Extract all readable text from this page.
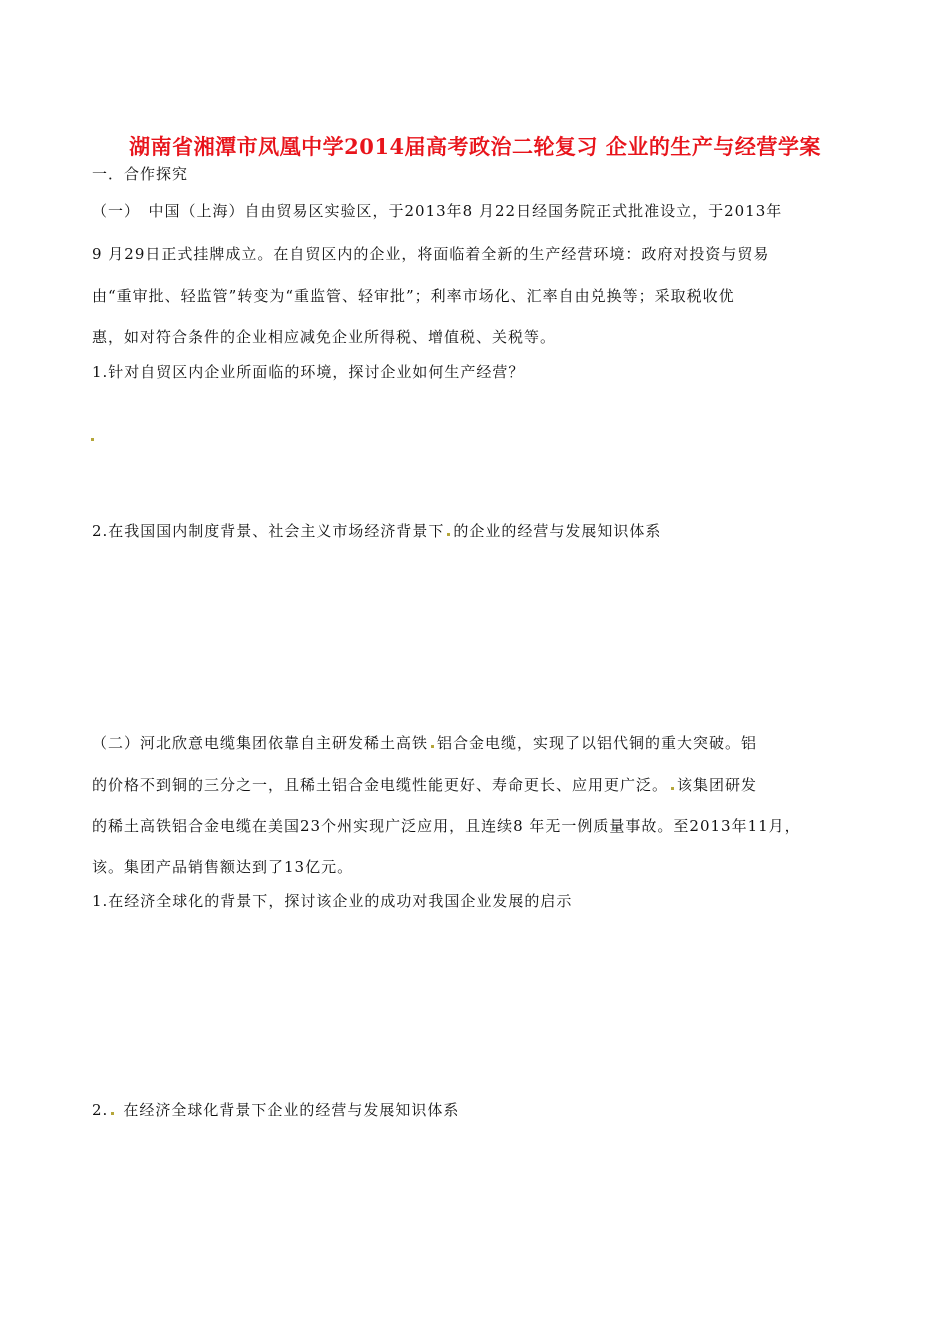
湖南省湘潭市凤凰中学2014届高考政治二轮复习 企业的生产与经营学案
一．合作探究
（一）　中国（上海）自由贸易区实验区，于2013年8 月22日经国务院正式批准设立，于2013年
9 月29日正式挂牌成立。在自贸区内的企业，将面临着全新的生产经营环境：政府对投资与贸易
由“重审批、轻监管”转变为“重监管、轻审批”；利率市场化、汇率自由兑换等；采取税收优
惠，如对符合条件的企业相应减免企业所得税、增值税、关税等。
1.针对自贸区内企业所面临的环境，探讨企业如何生产经营？
2.在我国国内制度背景、社会主义市场经济背景下 的企业的经营与发展知识体系
（二）河北欣意电缆集团依靠自主研发稀土高铁 铝合金电缆，实现了以铝代铜的重大突破。铝
的价格不到铜的三分之一，且稀土铝合金电缆性能更好、寿命更长、应用更广泛。 该集团研发
的稀土高铁铝合金电缆在美国23个州实现广泛应用，且连续8 年无一例质量事故。至2013年11月，
该。集团产品销售额达到了13亿元。
1.在经济全球化的背景下，探讨该企业的成功对我国企业发展的启示
2. 在经济全球化背景下企业的经营与发展知识体系
